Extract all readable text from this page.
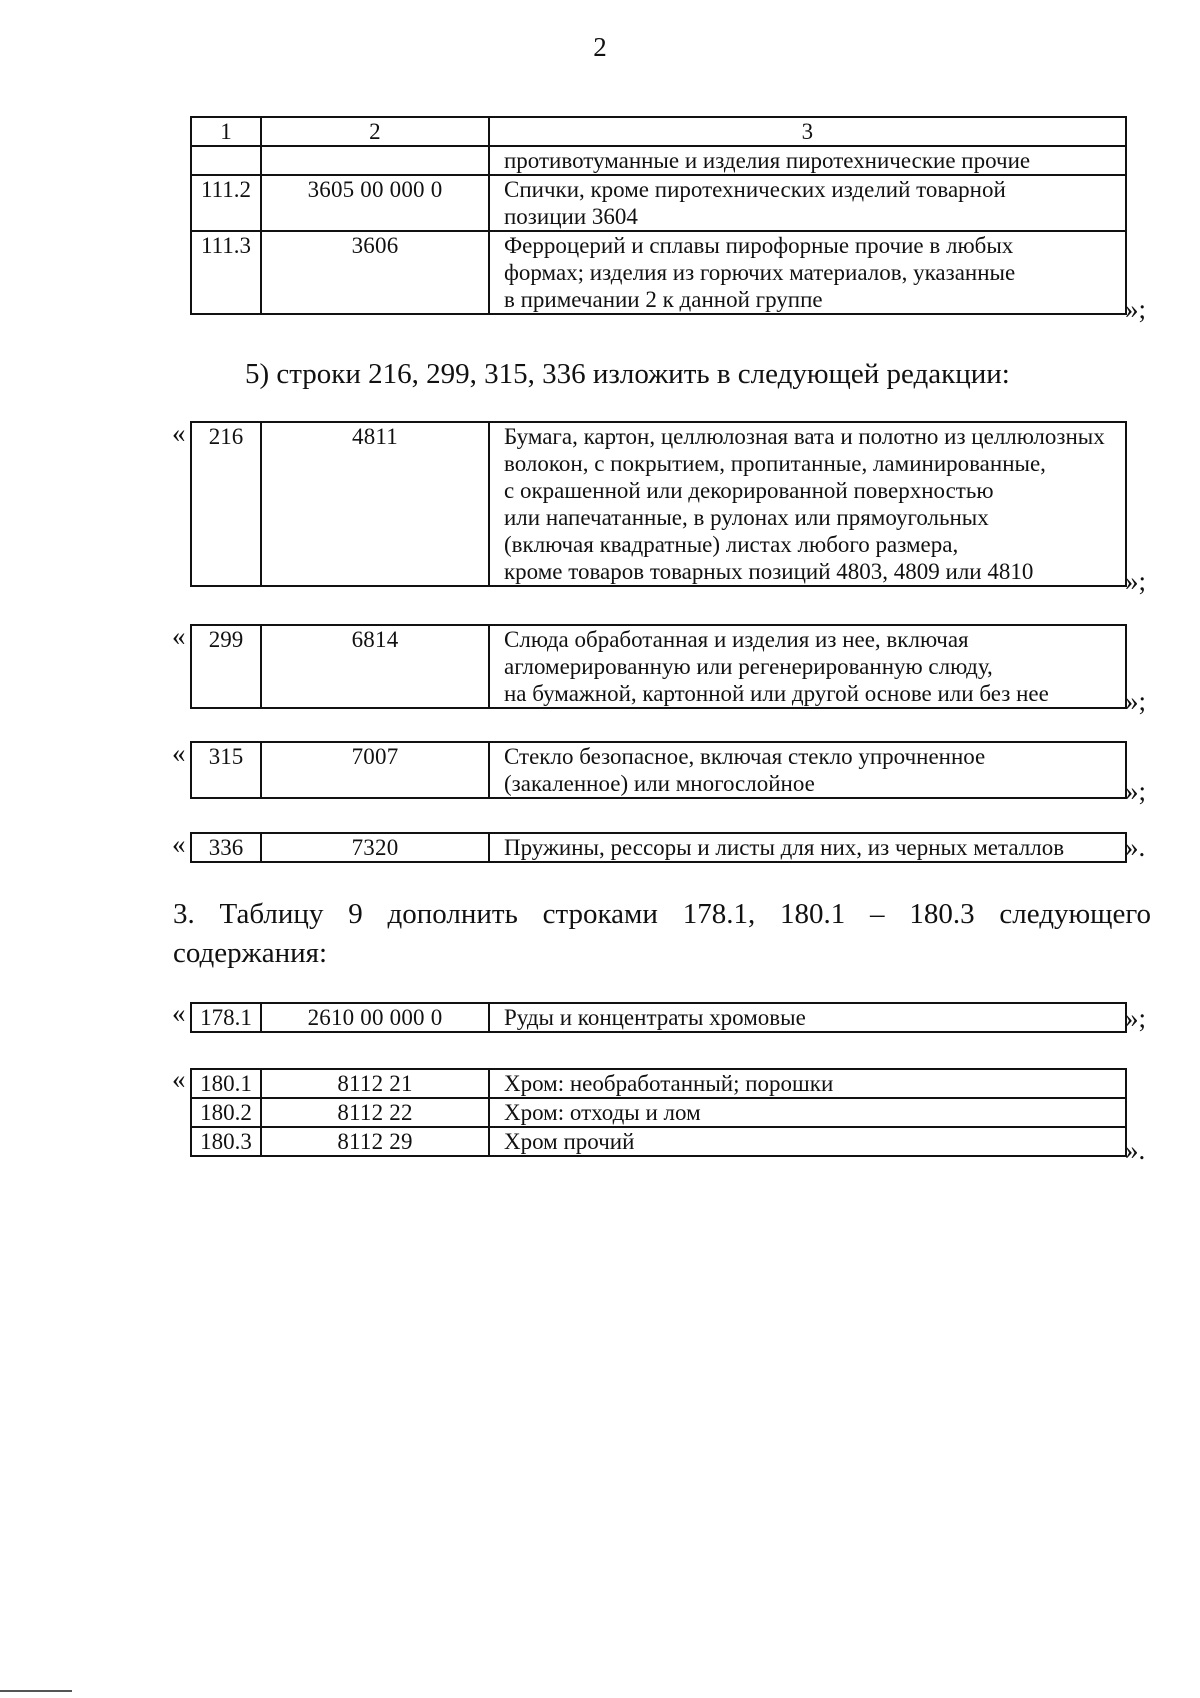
2
1	2	3

		противотуманные и изделия пиротехнические прочие

111.2	3605 00 000 0	Спички, кроме пиротехнических изделий товарной
позиции 3604

111.3	3606	Ферроцерий и сплавы пирофорные прочие в любых
формах; изделия из горючих материалов, указанные
в примечании 2 к данной группе	»;
5) строки 216, 299, 315, 336 изложить в следующей редакции:
« 216	4811	Бумага, картон, целлюлозная вата и полотно из целлюлозных
волокон, с покрытием, пропитанные, ламинированные,
с окрашенной или декорированной поверхностью
или напечатанные, в рулонах или прямоугольных
(включая квадратные) листах любого размера,
кроме товаров товарных позиций 4803, 4809 или 4810	»;
« 299	6814	Слюда обработанная и изделия из нее, включая
агломерированную или регенерированную слюду,
на бумажной, картонной или другой основе или без нее	»;
« 315	7007	Стекло безопасное, включая стекло упрочненное
(закаленное) или многослойное	»;
« 336	7320	Пружины, рессоры и листы для них, из черных металлов	».
3. Таблицу 9 дополнить строками 178.1, 180.1 – 180.3 следующего
содержания:
« 178.1	2610 00 000 0	Руды и концентраты хромовые	»;
« 180.1	8112 21	Хром: необработанный; порошки

180.2	8112 22	Хром: отходы и лом

180.3	8112 29	Хром прочий	».
